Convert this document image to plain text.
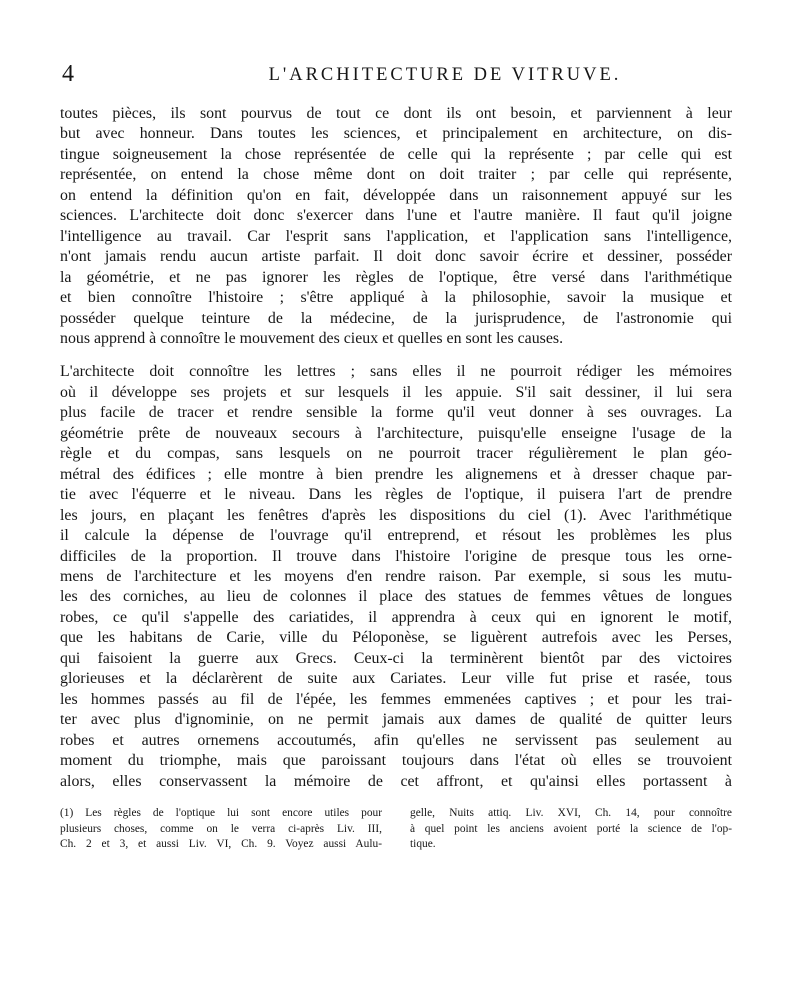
4	L'ARCHITECTURE DE VITRUVE.

toutes pièces, ils sont pourvus de tout ce dont ils ont besoin, et parviennent à leur
but avec honneur. Dans toutes les sciences, et principalement en architecture, on dis-
tingue soigneusement la chose représentée de celle qui la représente ; par celle qui est
représentée, on entend la chose même dont on doit traiter ; par celle qui représente,
on entend la définition qu'on en fait, développée dans un raisonnement appuyé sur les
sciences. L'architecte doit donc s'exercer dans l'une et l'autre manière. Il faut qu'il joigne
l'intelligence au travail. Car l'esprit sans l'application, et l'application sans l'intelligence,
n'ont jamais rendu aucun artiste parfait. Il doit donc savoir écrire et dessiner, posséder
la géométrie, et ne pas ignorer les règles de l'optique, être versé dans l'arithmétique
et bien connoître l'histoire ; s'être appliqué à la philosophie, savoir la musique et
posséder quelque teinture de la médecine, de la jurisprudence, de l'astronomie qui
nous apprend à connoître le mouvement des cieux et quelles en sont les causes.

L'architecte doit connoître les lettres ; sans elles il ne pourroit rédiger les mémoires
où il développe ses projets et sur lesquels il les appuie. S'il sait dessiner, il lui sera
plus facile de tracer et rendre sensible la forme qu'il veut donner à ses ouvrages. La
géométrie prête de nouveaux secours à l'architecture, puisqu'elle enseigne l'usage de la
règle et du compas, sans lesquels on ne pourroit tracer régulièrement le plan géo-
métral des édifices ; elle montre à bien prendre les alignemens et à dresser chaque par-
tie avec l'équerre et le niveau. Dans les règles de l'optique, il puisera l'art de prendre
les jours, en plaçant les fenêtres d'après les dispositions du ciel (1). Avec l'arithmétique
il calcule la dépense de l'ouvrage qu'il entreprend, et résout les problèmes les plus
difficiles de la proportion. Il trouve dans l'histoire l'origine de presque tous les orne-
mens de l'architecture et les moyens d'en rendre raison. Par exemple, si sous les mutu-
les des corniches, au lieu de colonnes il place des statues de femmes vêtues de longues
robes, ce qu'il s'appelle des cariatides, il apprendra à ceux qui en ignorent le motif,
que les habitans de Carie, ville du Péloponèse, se liguèrent autrefois avec les Perses,
qui faisoient la guerre aux Grecs. Ceux-ci la terminèrent bientôt par des victoires
glorieuses et la déclarèrent de suite aux Cariates. Leur ville fut prise et rasée, tous
les hommes passés au fil de l'épée, les femmes emmenées captives ; et pour les trai-
ter avec plus d'ignominie, on ne permit jamais aux dames de qualité de quitter leurs
robes et autres ornemens accoutumés, afin qu'elles ne servissent pas seulement au
moment du triomphe, mais que paroissant toujours dans l'état où elles se trouvoient
alors, elles conservassent la mémoire de cet affront, et qu'ainsi elles portassent à

(1) Les règles de l'optique lui sont encore utiles pour
plusieurs choses, comme on le verra ci-après Liv. III,
Ch. 2 et 3, et aussi Liv. VI, Ch. 9. Voyez aussi Aulu-
gelle, Nuits attiq. Liv. XVI, Ch. 14, pour connoître
à quel point les anciens avoient porté la science de l'op-
tique.
